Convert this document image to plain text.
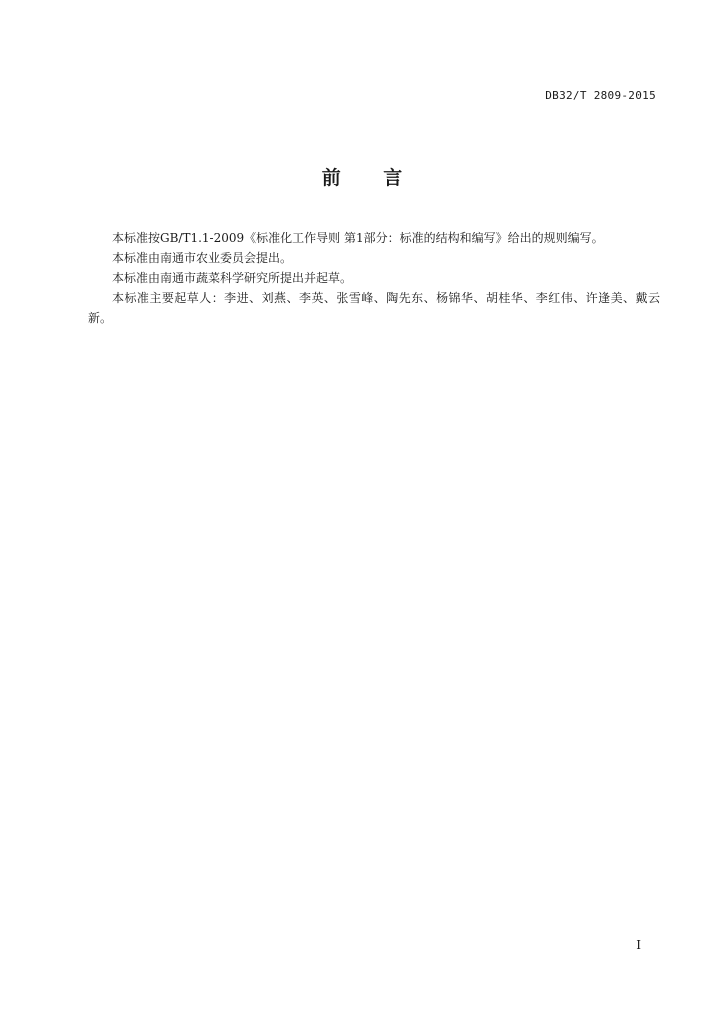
DB32/T 2809-2015
前 言

本标准按GB/T1.1-2009《标准化工作导则 第1部分：标准的结构和编写》给出的规则编写。

本标准由南通市农业委员会提出。

本标准由南通市蔬菜科学研究所提出并起草。

本标准主要起草人：李进、刘燕、李英、张雪峰、陶先东、杨锦华、胡桂华、李红伟、许逢美、戴云新。

I
